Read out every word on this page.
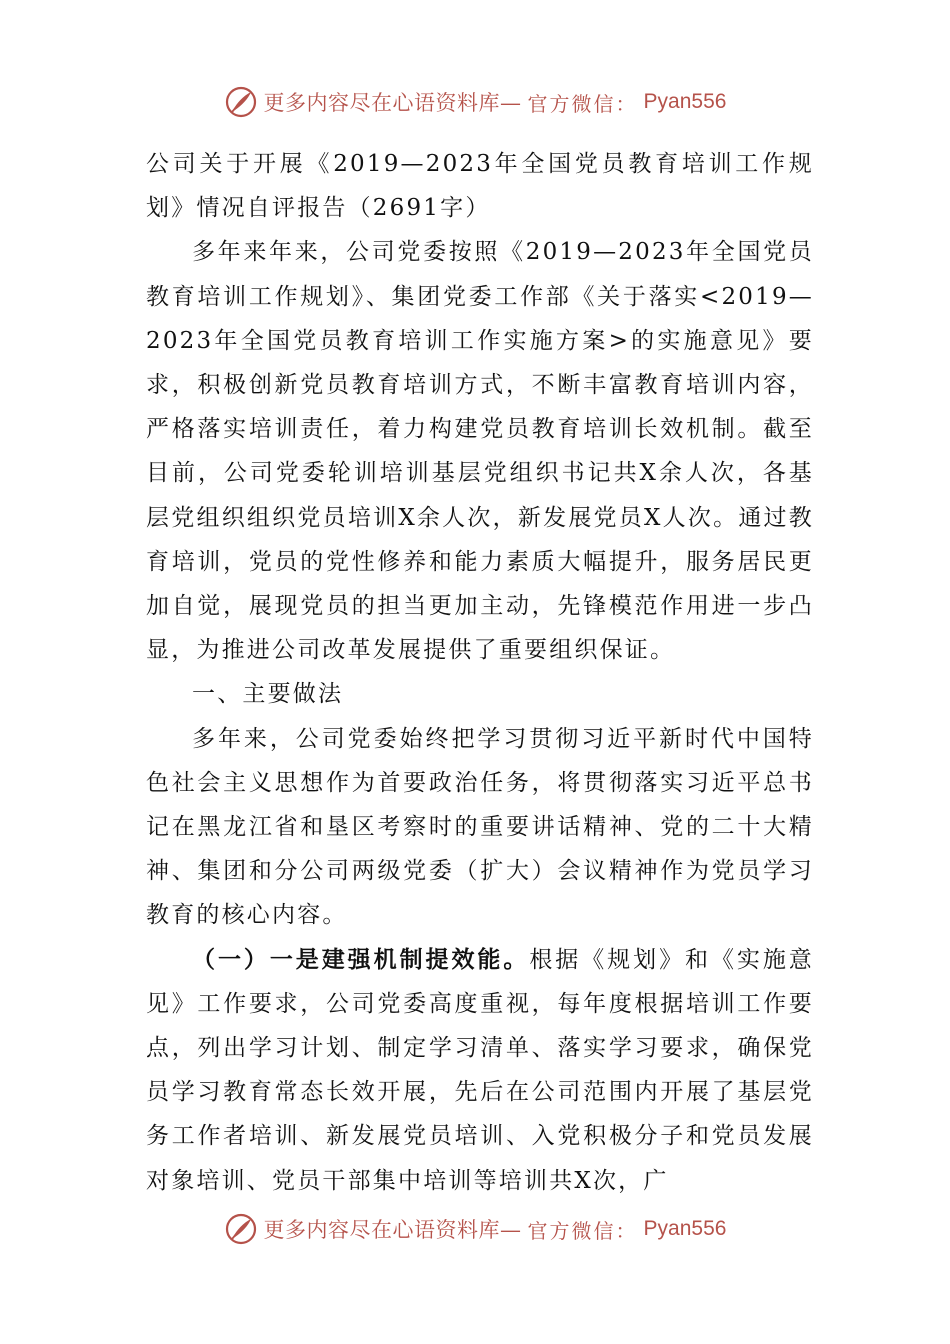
更多内容尽在心语资料库— 官方微信： Pyan556

公司关于开展《2019—2023年全国党员教育培训工作规划》情况自评报告（2691字）

多年来年来，公司党委按照《2019—2023年全国党员教育培训工作规划》、集团党委工作部《关于落实<2019—2023年全国党员教育培训工作实施方案>的实施意见》要求，积极创新党员教育培训方式，不断丰富教育培训内容，严格落实培训责任，着力构建党员教育培训长效机制。截至目前，公司党委轮训培训基层党组织书记共X余人次，各基层党组织组织党员培训X余人次，新发展党员X人次。通过教育培训，党员的党性修养和能力素质大幅提升，服务居民更加自觉，展现党员的担当更加主动，先锋模范作用进一步凸显，为推进公司改革发展提供了重要组织保证。

一、主要做法

多年来，公司党委始终把学习贯彻习近平新时代中国特色社会主义思想作为首要政治任务，将贯彻落实习近平总书记在黑龙江省和垦区考察时的重要讲话精神、党的二十大精神、集团和分公司两级党委（扩大）会议精神作为党员学习教育的核心内容。

（一）一是建强机制提效能。根据《规划》和《实施意见》工作要求，公司党委高度重视，每年度根据培训工作要点，列出学习计划、制定学习清单、落实学习要求，确保党员学习教育常态长效开展，先后在公司范围内开展了基层党务工作者培训、新发展党员培训、入党积极分子和党员发展对象培训、党员干部集中培训等培训共X次，广

更多内容尽在心语资料库— 官方微信： Pyan556
